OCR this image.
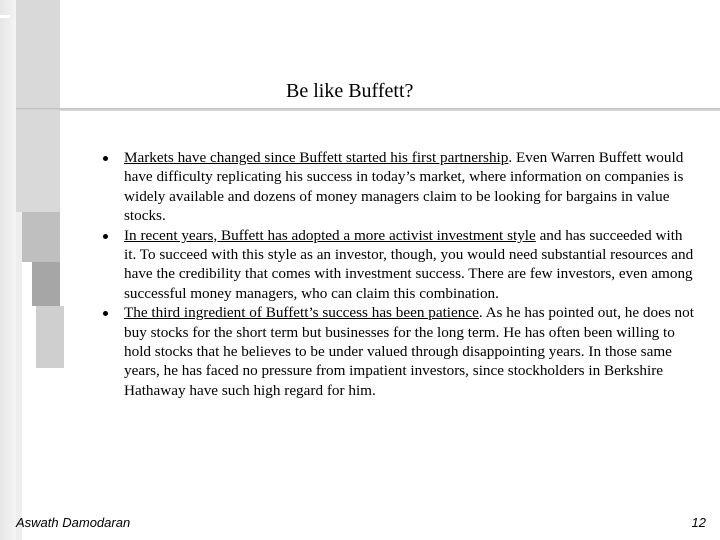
Be like Buffett?
Markets have changed since Buffett started his first partnership. Even Warren Buffett would have difficulty replicating his success in today’s market, where information on companies is widely available and dozens of money managers claim to be looking for bargains in value stocks.
In recent years, Buffett has adopted a more activist investment style and has succeeded with it. To succeed with this style as an investor, though, you would need substantial resources and have the credibility that comes with investment success. There are few investors, even among successful money managers, who can claim this combination.
The third ingredient of Buffett’s success has been patience. As he has pointed out, he does not buy stocks for the short term but businesses for the long term. He has often been willing to hold stocks that he believes to be under valued through disappointing years. In those same years, he has faced no pressure from impatient investors, since stockholders in Berkshire Hathaway have such high regard for him.
Aswath Damodaran	12
